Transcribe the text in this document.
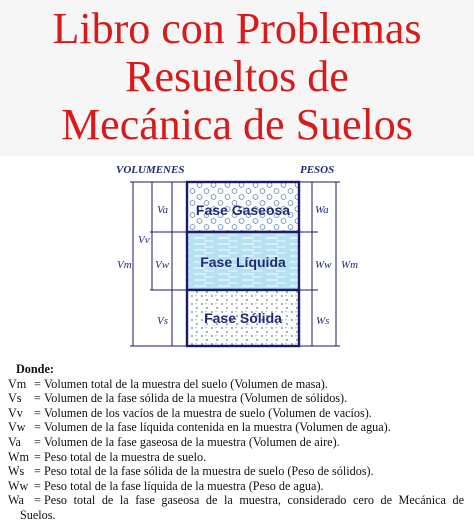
Libro con Problemas
Resueltos de
Mecánica de Suelos
VOLUMENES	PESOS
Fase Gaseosa
Fase Líquida
Fase Sólida
Va
Vw
Vs
Vv
Vm
Wa
Ww
Ws
Wm
Donde:
Vm = Volumen total de la muestra del suelo (Volumen de masa).
Vs	= Volumen de la fase sólida de la muestra (Volumen de sólidos).
Vv = Volumen de los vacíos de la muestra de suelo (Volumen de vacíos).
Vw = Volumen de la fase líquida contenida en la muestra (Volumen de agua).
Va	= Volumen de la fase gaseosa de la muestra (Volumen de aire).
Wm = Peso total de la muestra de suelo.
Ws = Peso total de la fase sólida de la muestra de suelo (Peso de sólidos).
Ww = Peso total de la fase líquida de la muestra (Peso de agua).
Wa = Peso total de la fase gaseosa de la muestra, considerado cero de Mecánica de
Suelos.
